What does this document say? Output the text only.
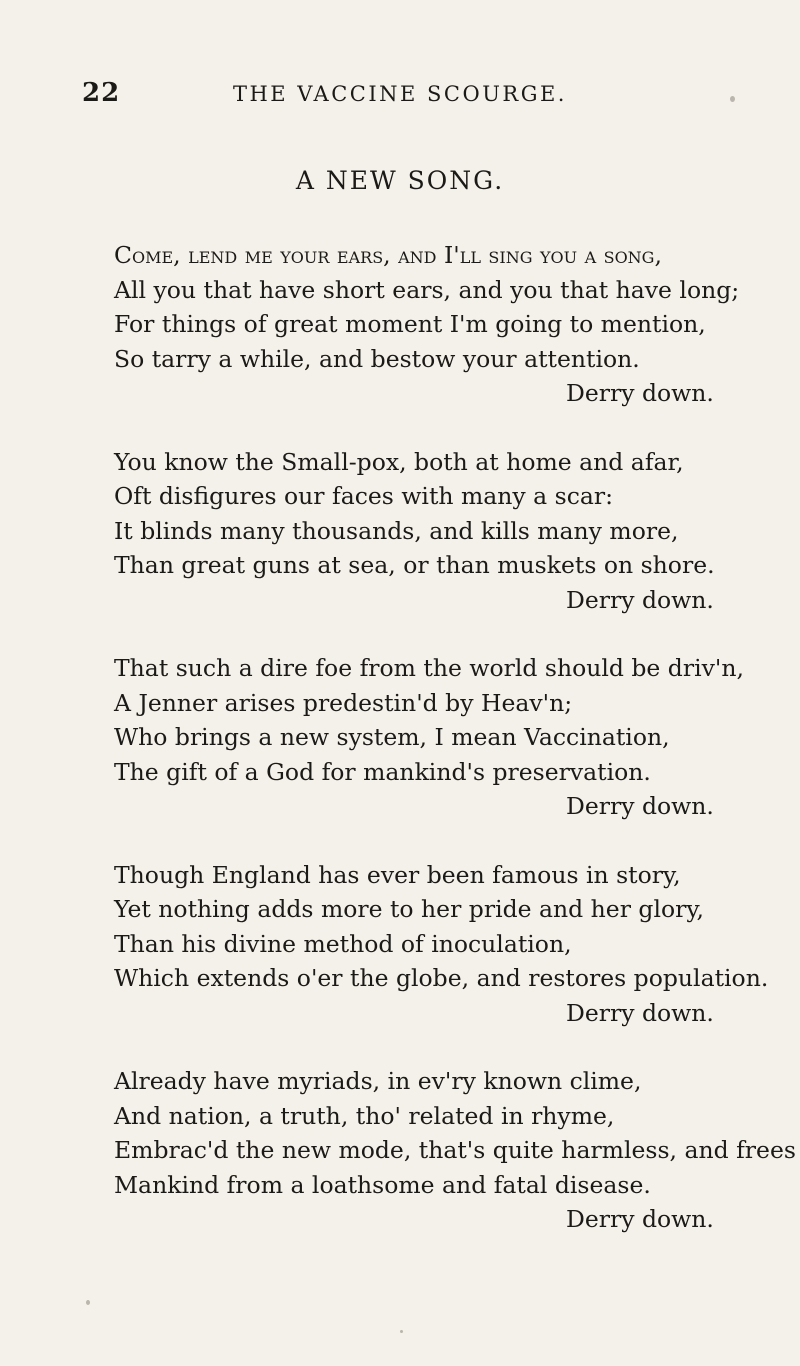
22	THE VACCINE SCOURGE.
A NEW SONG.
Come, lend me your ears, and I'll sing you a song,
All you that have short ears, and you that have long;
For things of great moment I'm going to mention,
So tarry a while, and bestow your attention.
Derry down.
You know the Small-pox, both at home and afar,
Oft disfigures our faces with many a scar:
It blinds many thousands, and kills many more,
Than great guns at sea, or than muskets on shore.
Derry down.
That such a dire foe from the world should be driv'n,
A Jenner arises predestin'd by Heav'n;
Who brings a new system, I mean Vaccination,
The gift of a God for mankind's preservation.
Derry down.
Though England has ever been famous in story,
Yet nothing adds more to her pride and her glory,
Than his divine method of inoculation,
Which extends o'er the globe, and restores population.
Derry down.
Already have myriads, in ev'ry known clime,
And nation, a truth, tho' related in rhyme,
Embrac'd the new mode, that's quite harmless, and frees
Mankind from a loathsome and fatal disease.
Derry down.
